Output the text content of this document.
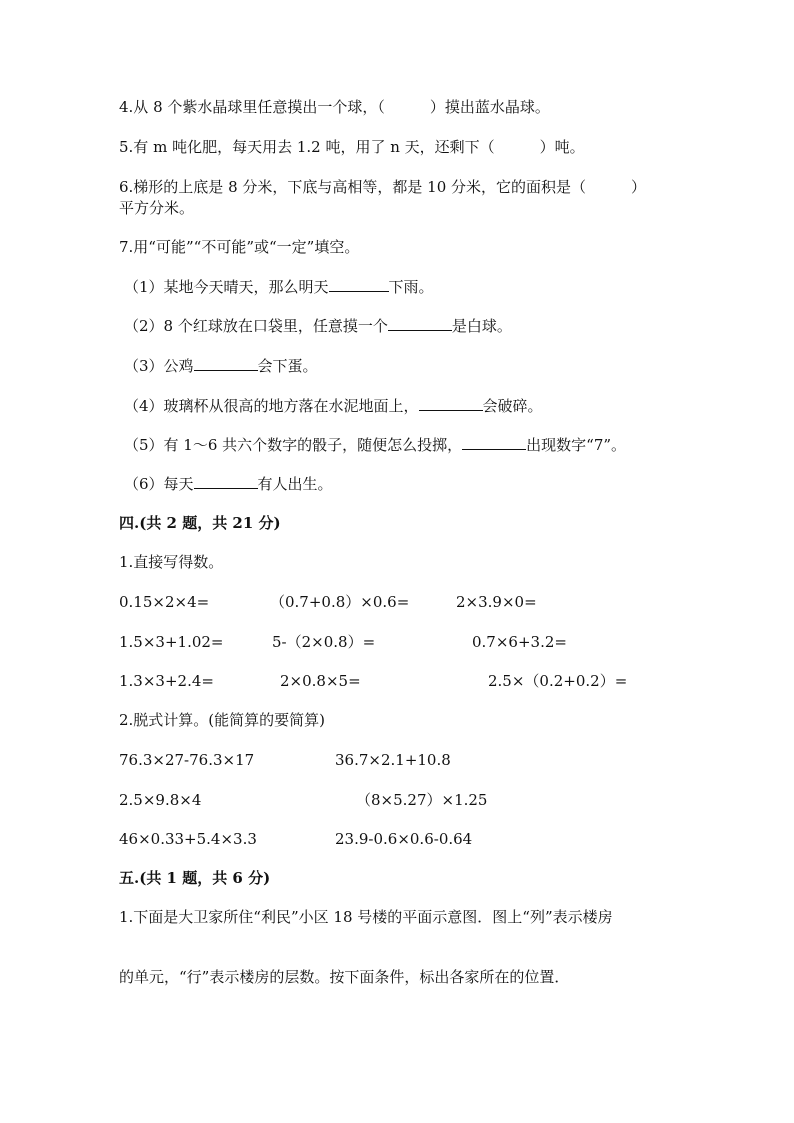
4.从 8 个紫水晶球里任意摸出一个球，（　　　）摸出蓝水晶球。
5.有 m 吨化肥，每天用去 1.2 吨，用了 n 天，还剩下（　　　）吨。
6.梯形的上底是 8 分米，下底与高相等，都是 10 分米，它的面积是（　　　）
平方分米。
7.用“可能”“不可能”或“一定”填空。
（1）某地今天晴天，那么明天	下雨。
（2）8 个红球放在口袋里，任意摸一个	是白球。
（3）公鸡	会下蛋。
（4）玻璃杯从很高的地方落在水泥地面上，	会破碎。
（5）有 1～6 共六个数字的骰子，随便怎么投掷，	出现数字“7”。
（6）每天	有人出生。
四.(共 2 题，共 21 分)
1.直接写得数。
0.15×2×4=	（0.7+0.8）×0.6=	2×3.9×0=
1.5×3+1.02=	5-（2×0.8）=	0.7×6+3.2=
1.3×3+2.4=	2×0.8×5=	2.5×（0.2+0.2）=
2.脱式计算。(能简算的要简算)
76.3×27-76.3×17	36.7×2.1+10.8
2.5×9.8×4	（8×5.27）×1.25
46×0.33+5.4×3.3	23.9-0.6×0.6-0.64
五.(共 1 题，共 6 分)
1.下面是大卫家所住“利民”小区 18 号楼的平面示意图．图上“列”表示楼房
的单元，“行”表示楼房的层数。按下面条件，标出各家所在的位置．
